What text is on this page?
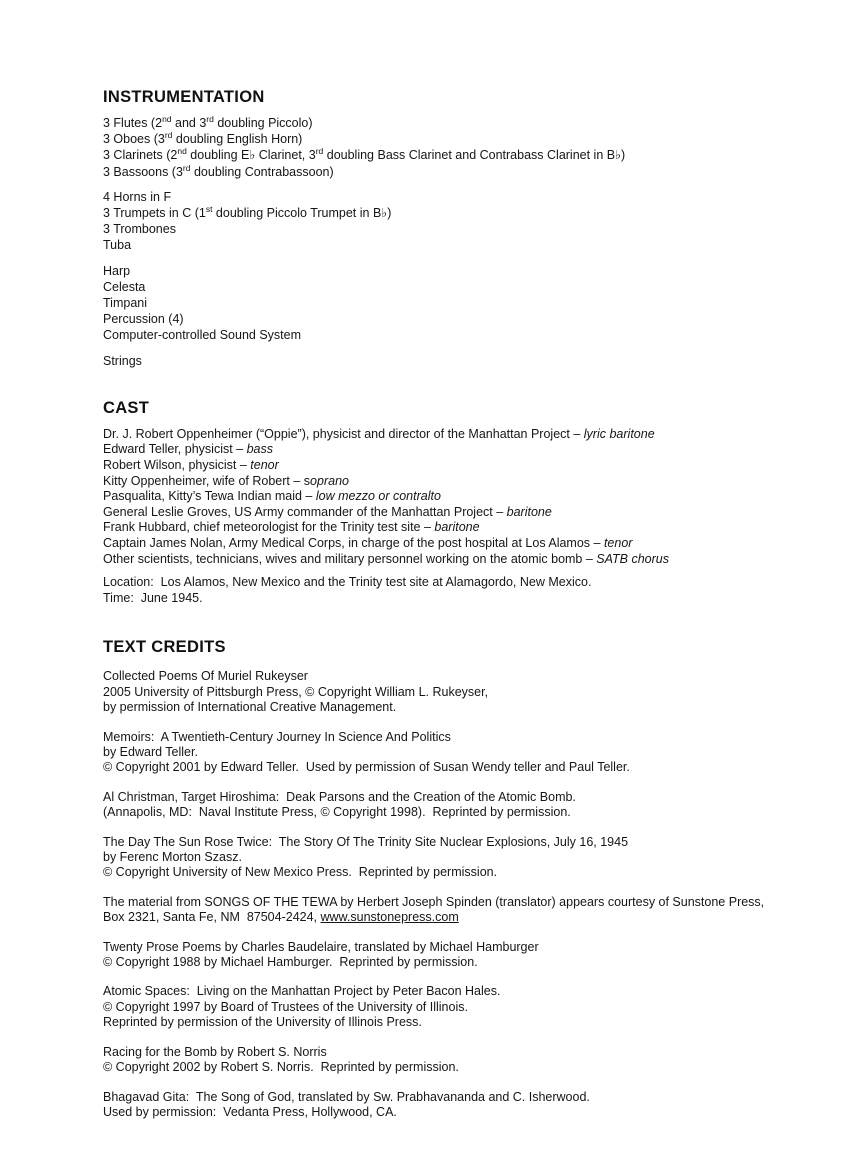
INSTRUMENTATION

3 Flutes (2nd and 3rd doubling Piccolo)

3 Oboes (3rd doubling English Horn)

3 Clarinets (2nd doubling E♭ Clarinet, 3rd doubling Bass Clarinet and Contrabass Clarinet in B♭)

3 Bassoons (3rd doubling Contrabassoon)

4 Horns in F

3 Trumpets in C (1st doubling Piccolo Trumpet in B♭)

3 Trombones

Tuba

Harp

Celesta

Timpani

Percussion (4)

Computer-controlled Sound System

Strings

CAST

Dr. J. Robert Oppenheimer (“Oppie”), physicist and director of the Manhattan Project – lyric baritone

Edward Teller, physicist – bass

Robert Wilson, physicist – tenor

Kitty Oppenheimer, wife of Robert – soprano

Pasqualita, Kitty’s Tewa Indian maid – low mezzo or contralto

General Leslie Groves, US Army commander of the Manhattan Project – baritone

Frank Hubbard, chief meteorologist for the Trinity test site – baritone

Captain James Nolan, Army Medical Corps, in charge of the post hospital at Los Alamos – tenor

Other scientists, technicians, wives and military personnel working on the atomic bomb – SATB chorus

Location:  Los Alamos, New Mexico and the Trinity test site at Alamagordo, New Mexico.

Time:  June 1945.

TEXT CREDITS

Collected Poems Of Muriel Rukeyser

2005 University of Pittsburgh Press, © Copyright William L. Rukeyser,

by permission of International Creative Management.

Memoirs:  A Twentieth-Century Journey In Science And Politics

by Edward Teller.

© Copyright 2001 by Edward Teller.  Used by permission of Susan Wendy teller and Paul Teller.

Al Christman, Target Hiroshima:  Deak Parsons and the Creation of the Atomic Bomb.

(Annapolis, MD:  Naval Institute Press, © Copyright 1998).  Reprinted by permission.

The Day The Sun Rose Twice:  The Story Of The Trinity Site Nuclear Explosions, July 16, 1945

by Ferenc Morton Szasz.

© Copyright University of New Mexico Press.  Reprinted by permission.

The material from SONGS OF THE TEWA by Herbert Joseph Spinden (translator) appears courtesy of Sunstone Press, Box 2321, Santa Fe, NM  87504-2424, www.sunstonepress.com

Twenty Prose Poems by Charles Baudelaire, translated by Michael Hamburger

© Copyright 1988 by Michael Hamburger.  Reprinted by permission.

Atomic Spaces:  Living on the Manhattan Project by Peter Bacon Hales.

© Copyright 1997 by Board of Trustees of the University of Illinois.

Reprinted by permission of the University of Illinois Press.

Racing for the Bomb by Robert S. Norris

© Copyright 2002 by Robert S. Norris.  Reprinted by permission.

Bhagavad Gita:  The Song of God, translated by Sw. Prabhavananda and C. Isherwood.

Used by permission:  Vedanta Press, Hollywood, CA.
